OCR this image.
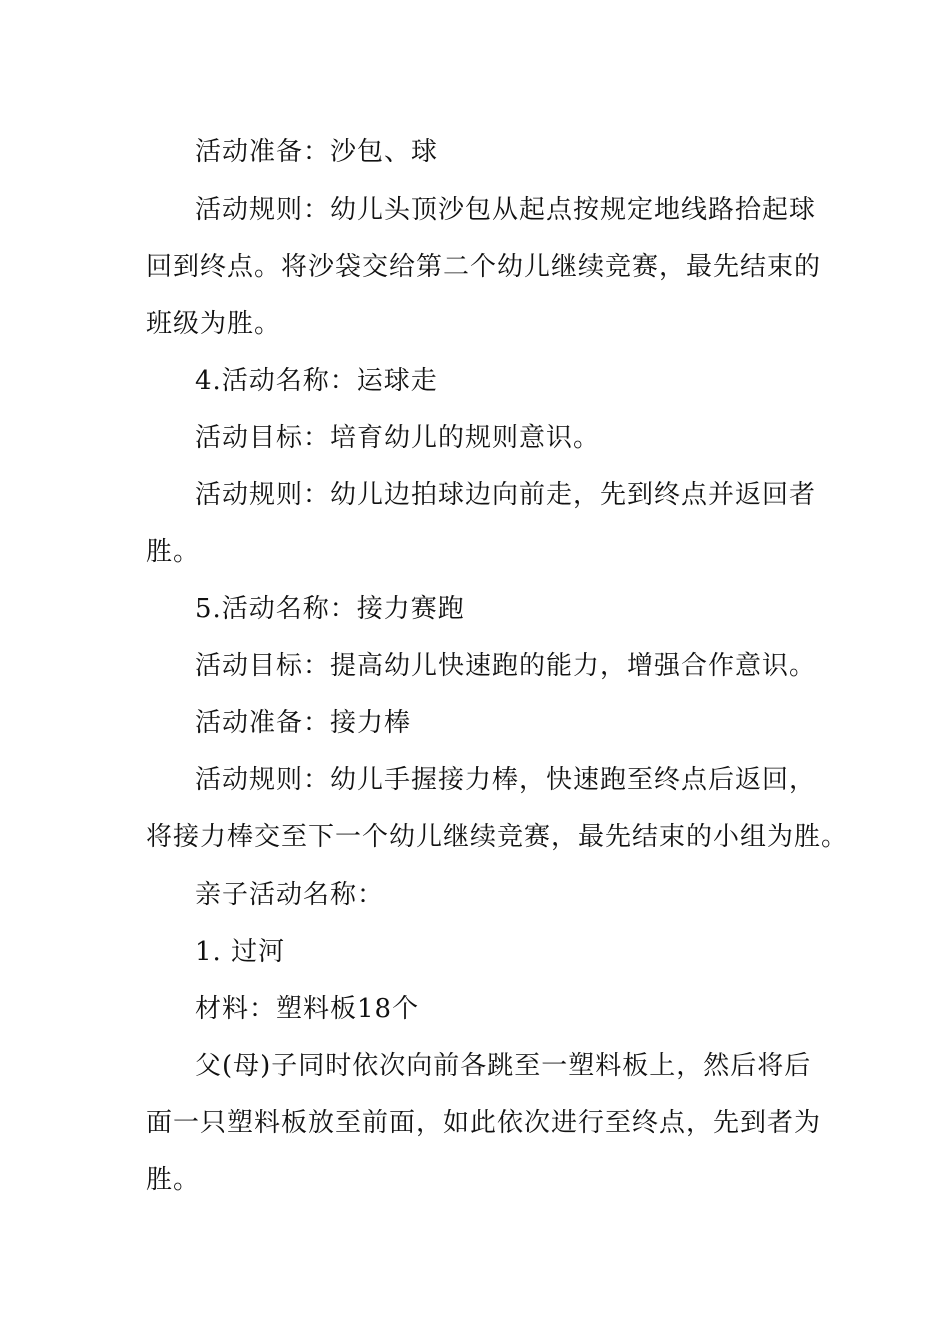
活动准备：沙包、球

活动规则：幼儿头顶沙包从起点按规定地线路拾起球

回到终点。将沙袋交给第二个幼儿继续竞赛，最先结束的

班级为胜。

4.活动名称：运球走

活动目标：培育幼儿的规则意识。

活动规则：幼儿边拍球边向前走，先到终点并返回者

胜。

5.活动名称：接力赛跑

活动目标：提高幼儿快速跑的能力，增强合作意识。

活动准备：接力棒

活动规则：幼儿手握接力棒，快速跑至终点后返回，

将接力棒交至下一个幼儿继续竞赛，最先结束的小组为胜。

亲子活动名称：

1. 过河

材料：塑料板18个

父(母)子同时依次向前各跳至一塑料板上，然后将后

面一只塑料板放至前面，如此依次进行至终点，先到者为

胜。
